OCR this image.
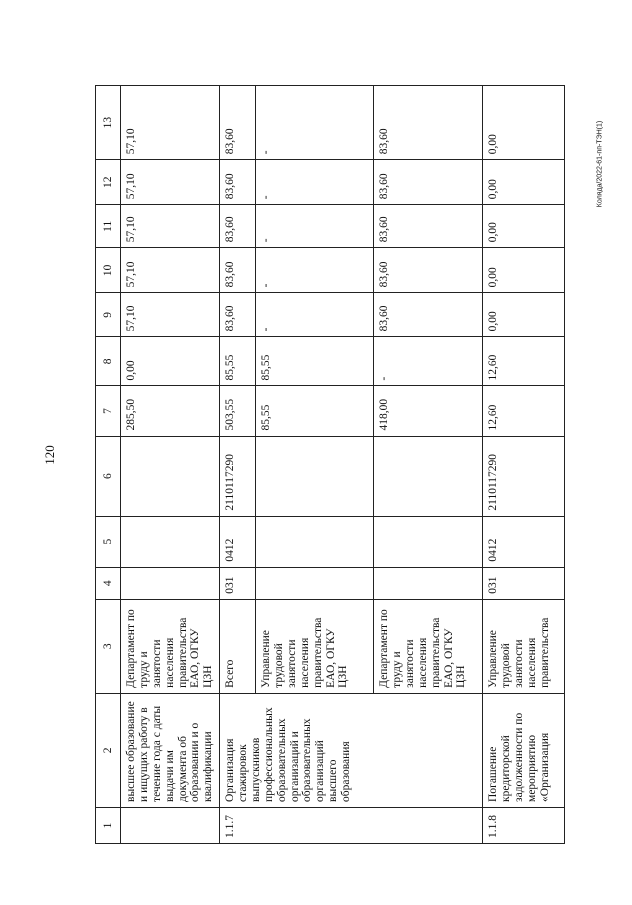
120
Коляда/2022-61-пп-ТЭН(1)
1	2	3	4	5	6	7	8	9	10	11	12	13
	высшее образование и ищущих работу в течение года с даты выдачи им документа об образовании и о квалификации	Департамент по труду и занятости населения правительства ЕАО, ОГКУ ЦЗН				285,50	0,00	57,10	57,10	57,10	57,10	57,10
1.1.7	Организация стажировок выпускников профессиональных образовательных организаций и образовательных организаций высшего образования	Всего	031	0412	2110117290	503,55	85,55	83,60	83,60	83,60	83,60	83,60
		Управление трудовой занятости населения правительства ЕАО, ОГКУ ЦЗН				85,55	85,55	-	-	-	-	-
		Департамент по труду и занятости населения правительства ЕАО, ОГКУ ЦЗН				418,00	-	83,60	83,60	83,60	83,60	83,60
1.1.8	Погашение кредиторской задолженности по мероприятию «Организация	Управление трудовой занятости населения правительства	031	0412	2110117290	12,60	12,60	0,00	0,00	0,00	0,00	0,00
